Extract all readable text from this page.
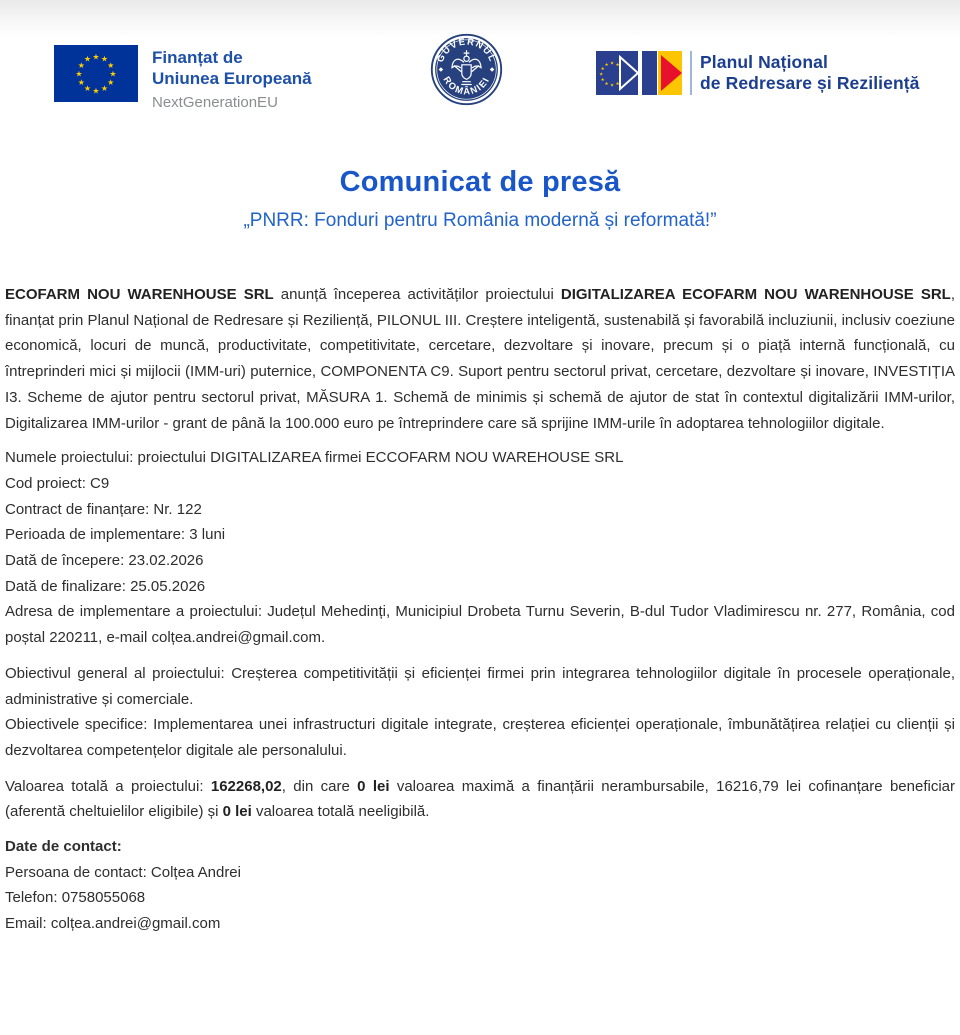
★ ★
★
★
★
★
★
★
★
★
★
★	Finanțat de
Uniunea Europeană
NextGenerationEU
GUVERNUL
ROMÂNIEI
★ ★
★
★
★
★
★
★
★	Planul Național
de Redresare și Reziliență
Comunicat de presă
„PNRR: Fonduri pentru România modernă și reformată!”

ECOFARM NOU WARENHOUSE SRL anunță începerea activităților proiectului DIGITALIZAREA ECOFARM NOU WARENHOUSE SRL, finanțat prin Planul Național de Redresare și Reziliență, PILONUL III. Creștere inteligentă, sustenabilă și favorabilă incluziunii, inclusiv coeziune economică, locuri de muncă, productivitate, competitivitate, cercetare, dezvoltare și inovare, precum și o piață internă funcțională, cu întreprinderi mici și mijlocii (IMM-uri) puternice, COMPONENTA C9. Suport pentru sectorul privat, cercetare, dezvoltare și inovare, INVESTIȚIA I3. Scheme de ajutor pentru sectorul privat, MĂSURA 1. Schemă de minimis și schemă de ajutor de stat în contextul digitalizării IMM-urilor, Digitalizarea IMM-urilor - grant de până la 100.000 euro pe întreprindere care să sprijine IMM-urile în adoptarea tehnologiilor digitale.

Numele proiectului: proiectului DIGITALIZAREA firmei ECCOFARM NOU WAREHOUSE SRL
Cod proiect: C9
Contract de finanțare: Nr. 122
Perioada de implementare: 3 luni
Dată de începere: 23.02.2026
Dată de finalizare: 25.05.2026
Adresa de implementare a proiectului: Județul Mehedinți, Municipiul Drobeta Turnu Severin, B-dul Tudor Vladimirescu nr. 277, România, cod poștal 220211, e-mail colțea.andrei@gmail.com.

Obiectivul general al proiectului: Creșterea competitivității și eficienței firmei prin integrarea tehnologiilor digitale în procesele operaționale, administrative și comerciale.

Obiectivele specifice: Implementarea unei infrastructuri digitale integrate, creșterea eficienței operaționale, îmbunătățirea relației cu clienții și dezvoltarea competențelor digitale ale personalului.

Valoarea totală a proiectului: 162268,02, din care 0 lei valoarea maximă a finanțării nerambursabile, 16216,79 lei cofinanțare beneficiar (aferentă cheltuielilor eligibile) și 0 lei valoarea totală neeligibilă.

Date de contact:
Persoana de contact: Colțea Andrei
Telefon: 0758055068
Email: colțea.andrei@gmail.com
